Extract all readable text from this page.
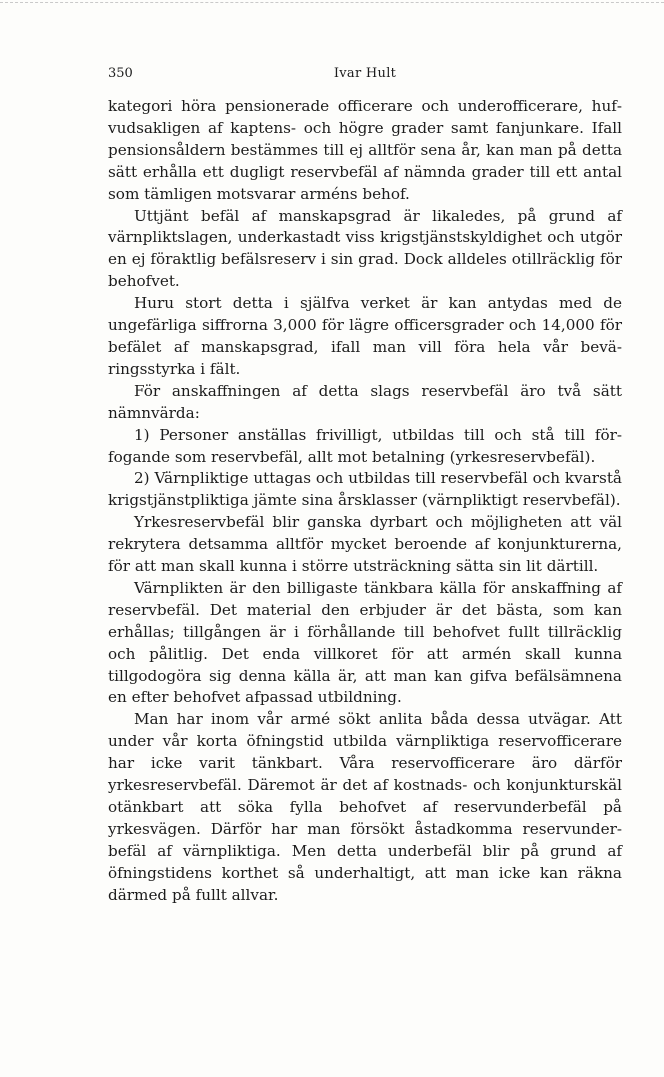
350	Ivar Hult

kategori höra pensionerade officerare och underofficerare, hufvudsakligen af kaptens- och högre grader samt fanjunkare. Ifall pensionsåldern bestämmes till ej alltför sena år, kan man på detta sätt erhålla ett dugligt reservbefäl af nämnda grader till ett antal som tämligen motsvarar arméns behof.

Uttjänt befäl af manskapsgrad är likaledes, på grund af värnpliktslagen, underkastadt viss krigstjänstskyldighet och utgör en ej föraktlig befälsreserv i sin grad. Dock alldeles otillräcklig för behofvet.

Huru stort detta i själfva verket är kan antydas med de ungefärliga siffrorna 3,000 för lägre officersgrader och 14,000 för befälet af manskapsgrad, ifall man vill föra hela vår beväringsstyrka i fält.

För anskaffningen af detta slags reservbefäl äro två sätt nämnvärda:

1) Personer anställas frivilligt, utbildas till och stå till förfogande som reservbefäl, allt mot betalning (yrkesreservbefäl).

2) Värnpliktige uttagas och utbildas till reservbefäl och kvarstå krigstjänstpliktiga jämte sina årsklasser (värnpliktigt reservbefäl).

Yrkesreservbefäl blir ganska dyrbart och möjligheten att väl rekrytera detsamma alltför mycket beroende af konjunkturerna, för att man skall kunna i större utsträckning sätta sin lit därtill.

Värnplikten är den billigaste tänkbara källa för anskaffning af reservbefäl. Det material den erbjuder är det bästa, som kan erhållas; tillgången är i förhållande till behofvet fullt tillräcklig och pålitlig. Det enda villkoret för att armén skall kunna tillgodogöra sig denna källa är, att man kan gifva befälsämnena en efter behofvet afpassad utbildning.

Man har inom vår armé sökt anlita båda dessa utvägar. Att under vår korta öfningstid utbilda värnpliktiga reservofficerare har icke varit tänkbart. Våra reservofficerare äro därför yrkesreservbefäl. Däremot är det af kostnads- och konjunkturskäl otänkbart att söka fylla behofvet af reservunderbefäl på yrkesvägen. Därför har man försökt åstadkomma reservunderbefäl af värnpliktiga. Men detta underbefäl blir på grund af öfningstidens korthet så underhaltigt, att man icke kan räkna därmed på fullt allvar.
